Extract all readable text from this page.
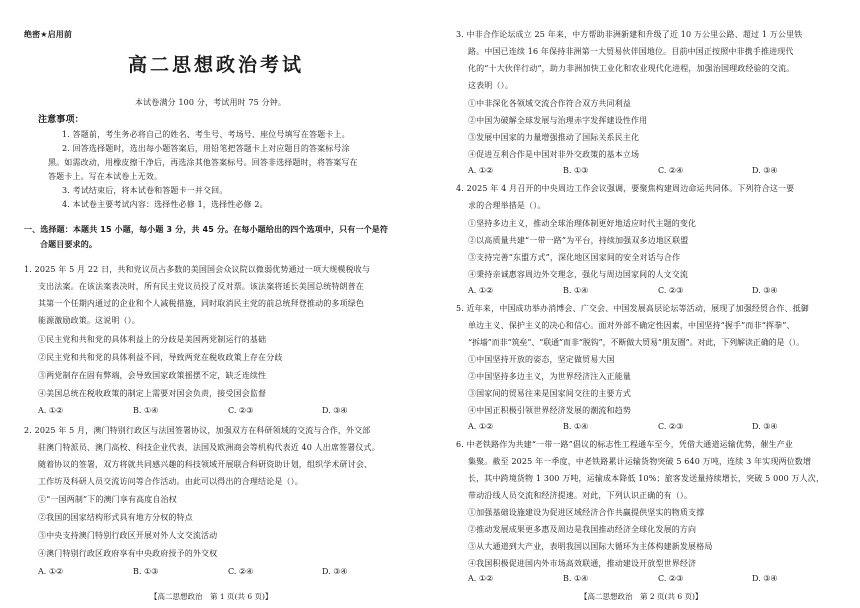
绝密★启用前
高二思想政治考试
本试卷满分 100 分，考试用时 75 分钟。
注意事项：
1. 答题前，考生务必将自己的姓名、考生号、考场号、座位号填写在答题卡上。
2. 回答选择题时，选出每小题答案后，用铅笔把答题卡上对应题目的答案标号涂
黑。如需改动，用橡皮擦干净后，再选涂其他答案标号。回答非选择题时，将答案写在
答题卡上。写在本试卷上无效。
3. 考试结束后，将本试卷和答题卡一并交回。
4. 本试卷主要考试内容：选择性必修 1，选择性必修 2。
一、选择题：本题共 15 小题，每小题 3 分，共 45 分。在每小题给出的四个选项中，只有一个是符
合题目要求的。
1. 2025 年 5 月 22 日，共和党议员占多数的美国国会众议院以微弱优势通过一项大规模税收与
支出法案。在该法案表决时，所有民主党议员投了反对票。该法案将延长美国总统特朗普在
其第一个任期内通过的企业和个人减税措施，同时取消民主党的前总统拜登推动的多项绿色
能源激励政策。这说明（）。
①民主党和共和党的具体利益上的分歧是美国两党制运行的基础
②民主党和共和党的具体利益不同，导致两党在税收政策上存在分歧
③两党制存在固有弊端，会导致国家政策摇摆不定，缺乏连续性
④美国总统在税收政策的制定上需要对国会负责，接受国会监督
A. ①②	B. ①④	C. ②③	D. ③④
2. 2025 年 5 月，澳门特别行政区与法国签署协议，加强双方在科研领域的交流与合作，外交部
驻澳门特派员、澳门高校、科技企业代表，法国及欧洲商会等机构代表近 40 人出席签署仪式。
随着协议的签署，双方将就共同感兴趣的科技领域开展联合科研资助计划，组织学术研讨会、
工作坊及科研人员交流访问等合作活动。由此可以得出的合理结论是（）。
①“一国两制”下的澳门享有高度自治权
②我国的国家结构形式具有地方分权的特点
③中央支持澳门特别行政区开展对外人文交流活动
④澳门特别行政区政府享有中央政府授予的外交权
A. ①②	B. ①③	C. ②④	D. ③④
【高二思想政治　第 1 页(共 6 页)】
3. 中非合作论坛成立 25 年来，中方帮助非洲新建和升级了近 10 万公里公路、超过 1 万公里铁
路。中国已连续 16 年保持非洲第一大贸易伙伴国地位。目前中国正按照中非携手推进现代
化的“十大伙伴行动”，助力非洲加快工业化和农业现代化进程，加强治国理政经验的交流。
这表明（）。
①中非深化各领域交流合作符合双方共同利益
②中国为破解全球发展与治理赤字发挥建设性作用
③发展中国家的力量增强推动了国际关系民主化
④促进互利合作是中国对非外交政策的基本立场
A. ①②	B. ①③	C. ②④	D. ③④
4. 2025 年 4 月召开的中央周边工作会议强调，要聚焦构建周边命运共同体。下列符合这一要
求的合理举措是（）。
①坚持多边主义，推动全球治理体制更好地适应时代主题的变化
②以高质量共建“一带一路”为平台，持续加强双多边地区联盟
③支持完善“东盟方式”，深化地区国家间的安全对话与合作
④秉持亲诚惠容周边外交理念，强化与周边国家间的人文交流
A. ①②	B. ①④	C. ②③	D. ③④
5. 近年来，中国成功举办消博会、广交会、中国发展高层论坛等活动，展现了加强经贸合作、抵御
单边主义、保护主义的决心和信心。面对外部不确定性因素，中国坚持“握手”而非“挥拳”、
“拆墙”而非“筑垒”、“联通”而非“脱钩”，不断做大贸易“朋友圈”。对此，下列解读正确的是（）。
①中国坚持开放的姿态，坚定做贸易大国
②中国坚持多边主义，为世界经济注入正能量
③国家间的贸易往来是国家间交往的主要方式
④中国正积极引领世界经济发展的潮流和趋势
A. ①②	B. ①④	C. ②③	D. ③④
6. 中老铁路作为共建“一带一路”倡议的标志性工程通车至今，凭借大通道运输优势，催生产业
集聚。截至 2025 年一季度，中老铁路累计运输货物突破 5 640 万吨，连续 3 年实现两位数增
长，其中跨境货物 1 300 万吨，运输成本降低 10%；旅客发送量持续增长，突破 5 000 万人次，
带动沿线人员交流和经济提速。对此，下列认识正确的有（）。
①加强基础设施建设为促进区域经济合作共赢提供坚实的物质支撑
②推动发展成果更多惠及周边是我国推动经济全球化发展的方向
③从大通道到大产业，表明我国以国际大循环为主体构建新发展格局
④我国积极促进国内外市场高效联通，推动建设开放型世界经济
A. ①②	B. ①④	C. ②③	D. ③④
【高二思想政治　第 2 页(共 6 页)】
